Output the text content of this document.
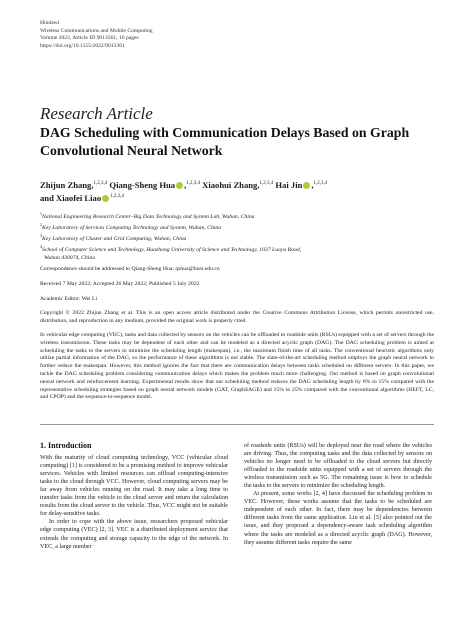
Hindawi
Wireless Communications and Mobile Computing
Volume 2022, Article ID 9013361, 16 pages
https://doi.org/10.1155/2022/9013361
Research Article
DAG Scheduling with Communication Delays Based on Graph Convolutional Neural Network
Zhijun Zhang,$^{1,2,3,4}$ Qiang-Sheng Hua ,$^{1,2,3,4}$ Xiaohui Zhang,$^{1,2,3,4}$ Hai Jin ,$^{1,2,3,4}$
and Xiaofei Liao $^{1,2,3,4}$
$^1$National Engineering Research Center–Big Data Technology and System Lab, Wuhan, China
$^2$Key Laboratory of Services Computing Technology and System, Wuhan, China
$^3$Key Laboratory of Cluster and Grid Computing, Wuhan, China
$^4$School of Computer Science and Technology, Huazhong University of Science and Technology, 1037 Luoyu Road,
Wuhan 430074, China
Correspondence should be addressed to Qiang-Sheng Hua; qshua@hust.edu.cn
Received 7 May 2022; Accepted 26 May 2022; Published 5 July 2022
Academic Editor: Wei Li
Copyright © 2022 Zhijun Zhang et al. This is an open access article distributed under the Creative Commons Attribution License, which permits unrestricted use, distribution, and reproduction in any medium, provided the original work is properly cited.
In vehicular edge computing (VEC), tasks and data collected by sensors on the vehicles can be offloaded to roadside units (RSUs) equipped with a set of servers through the wireless transmission. These tasks may be dependent of each other and can be modeled as a directed acyclic graph (DAG). The DAG scheduling problem is aimed at scheduling the tasks to the servers to minimize the scheduling length (makespan), i.e., the maximum finish time of all tasks. The conventional heuristic algorithms only utilize partial information of the DAG, so the performance of these algorithms is not stable. The state-of-the-art scheduling method employs the graph neural network to further reduce the makespan. However, this method ignores the fact that there are communication delays between tasks scheduled on different servers. In this paper, we tackle the DAG scheduling problem considering communication delays which makes the problem much more challenging. Our method is based on graph convolutional neural network and reinforcement learning. Experimental results show that our scheduling method reduces the DAG scheduling length by 8% to 15% compared with the representative scheduling strategies based on graph neural network models (GAT, GraphSAGE) and 15% to 25% compared with the conventional algorithms (HEFT, LC, and CPOP) and the sequence-to-sequence model.
1. Introduction

With the maturity of cloud computing technology, VCC (vehicular cloud computing) [1] is considered to be a promising method to improve vehicular services. Vehicles with limited resources can offload computing-intensive tasks to the cloud through VCC. However, cloud computing servers may be far away from vehicles running on the road. It may take a long time to transfer tasks from the vehicle to the cloud server and return the calculation results from the cloud server to the vehicle. Thus, VCC might not be suitable for delay-sensitive tasks.

In order to cope with the above issue, researchers proposed vehicular edge computing (VEC) [2, 3]. VEC is a distributed deployment service that extends the computing and storage capacity to the edge of the network. In VEC, a large number

of roadside units (RSUs) will be deployed near the road where the vehicles are driving. Thus, the computing tasks and the data collected by sensors on vehicles no longer need to be offloaded to the cloud servers but directly offloaded to the roadside units equipped with a set of servers through the wireless transmission such as 5G. The remaining issue is how to schedule the tasks to the servers to minimize the scheduling length.

At present, some works [2, 4] have discussed the scheduling problem in VEC. However, these works assume that the tasks to be scheduled are independent of each other. In fact, there may be dependencies between different tasks from the same application. Liu et al. [3] also pointed out the issue, and they proposed a dependency-aware task scheduling algorithm where the tasks are modeled as a directed acyclic graph (DAG). However, they assume different tasks require the same
